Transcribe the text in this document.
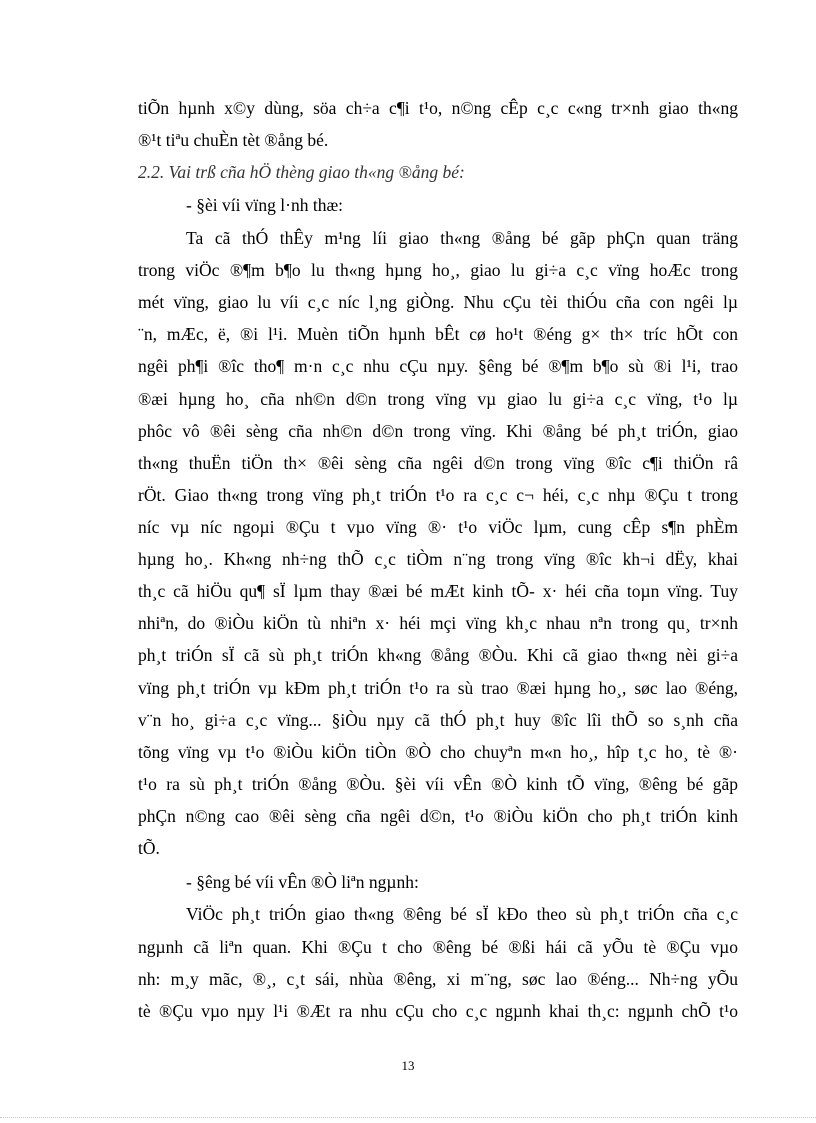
tiÕn hµnh x©y dùng, söa ch÷a c¶i t¹o, n©ng cÊp c¸c c«ng tr×nh giao th«ng
®¹t tiªu chuÈn tèt ®ång bé.
2.2. Vai trß cña hÖ thèng giao th«ng ®ång bé:
- §èi víi vïng l·nh thæ:
Ta cã thÓ thÊy m¹ng líi giao th«ng ®ång bé gãp phÇn quan träng
trong viÖc ®¶m b¶o lu th«ng hµng ho¸, giao lu gi÷a c¸c vïng hoÆc trong
mét vïng, giao lu víi c¸c níc l¸ng giÒng. Nhu cÇu tèi thiÓu cña con ngêi lµ
¨n, mÆc, ë, ®i l¹i. Muèn tiÕn hµnh bÊt cø ho¹t ®éng g× th× tríc hÕt con
ngêi ph¶i ®îc tho¶ m·n c¸c nhu cÇu nµy. §êng bé ®¶m b¶o sù ®i l¹i, trao
®æi hµng ho¸ cña nh©n d©n trong vïng vµ giao lu gi÷a c¸c vïng, t¹o lµ
phôc vô ®êi sèng cña nh©n d©n trong vïng. Khi ®ång bé ph¸t triÓn, giao
th«ng thuËn tiÖn th× ®êi sèng cña ngêi d©n trong vïng ®îc c¶i thiÖn râ
rÖt. Giao th«ng trong vïng ph¸t triÓn t¹o ra c¸c c¬ héi, c¸c nhµ ®Çu t trong
níc vµ níc ngoµi ®Çu t vµo vïng ®· t¹o viÖc lµm, cung cÊp s¶n phÈm
hµng ho¸. Kh«ng nh÷ng thÕ c¸c tiÒm n¨ng trong vïng ®îc kh¬i dËy, khai
th¸c cã hiÖu qu¶ sÏ lµm thay ®æi bé mÆt kinh tÕ- x· héi cña toµn vïng. Tuy
nhiªn, do ®iÒu kiÖn tù nhiªn x· héi mçi vïng kh¸c nhau nªn trong qu¸ tr×nh
ph¸t triÓn sÏ cã sù ph¸t triÓn kh«ng ®ång ®Òu. Khi cã giao th«ng nèi gi÷a
vïng ph¸t triÓn vµ kÐm ph¸t triÓn t¹o ra sù trao ®æi hµng ho¸, søc lao ®éng,
v¨n ho¸ gi÷a c¸c vïng... §iÒu nµy cã thÓ ph¸t huy ®îc lîi thÕ so s¸nh cña
tõng vïng vµ t¹o ®iÒu kiÖn tiÒn ®Ò cho chuyªn m«n ho¸, hîp t¸c ho¸ tè ®·
t¹o ra sù ph¸t triÓn ®ång ®Òu. §èi víi vÊn ®Ò kinh tÕ vïng, ®êng bé gãp
phÇn n©ng cao ®êi sèng cña ngêi d©n, t¹o ®iÒu kiÖn cho ph¸t triÓn kinh
tÕ.
- §êng bé víi vÊn ®Ò liªn ngµnh:
ViÖc ph¸t triÓn giao th«ng ®êng bé sÏ kÐo theo sù ph¸t triÓn cña c¸c
ngµnh cã liªn quan. Khi ®Çu t cho ®êng bé ®ßi hái cã yÕu tè ®Çu vµo
nh: m¸y mãc, ®¸, c¸t sái, nhùa ®êng, xi m¨ng, søc lao ®éng... Nh÷ng yÕu
tè ®Çu vµo nµy l¹i ®Æt ra nhu cÇu cho c¸c ngµnh khai th¸c: ngµnh chÕ t¹o
13
